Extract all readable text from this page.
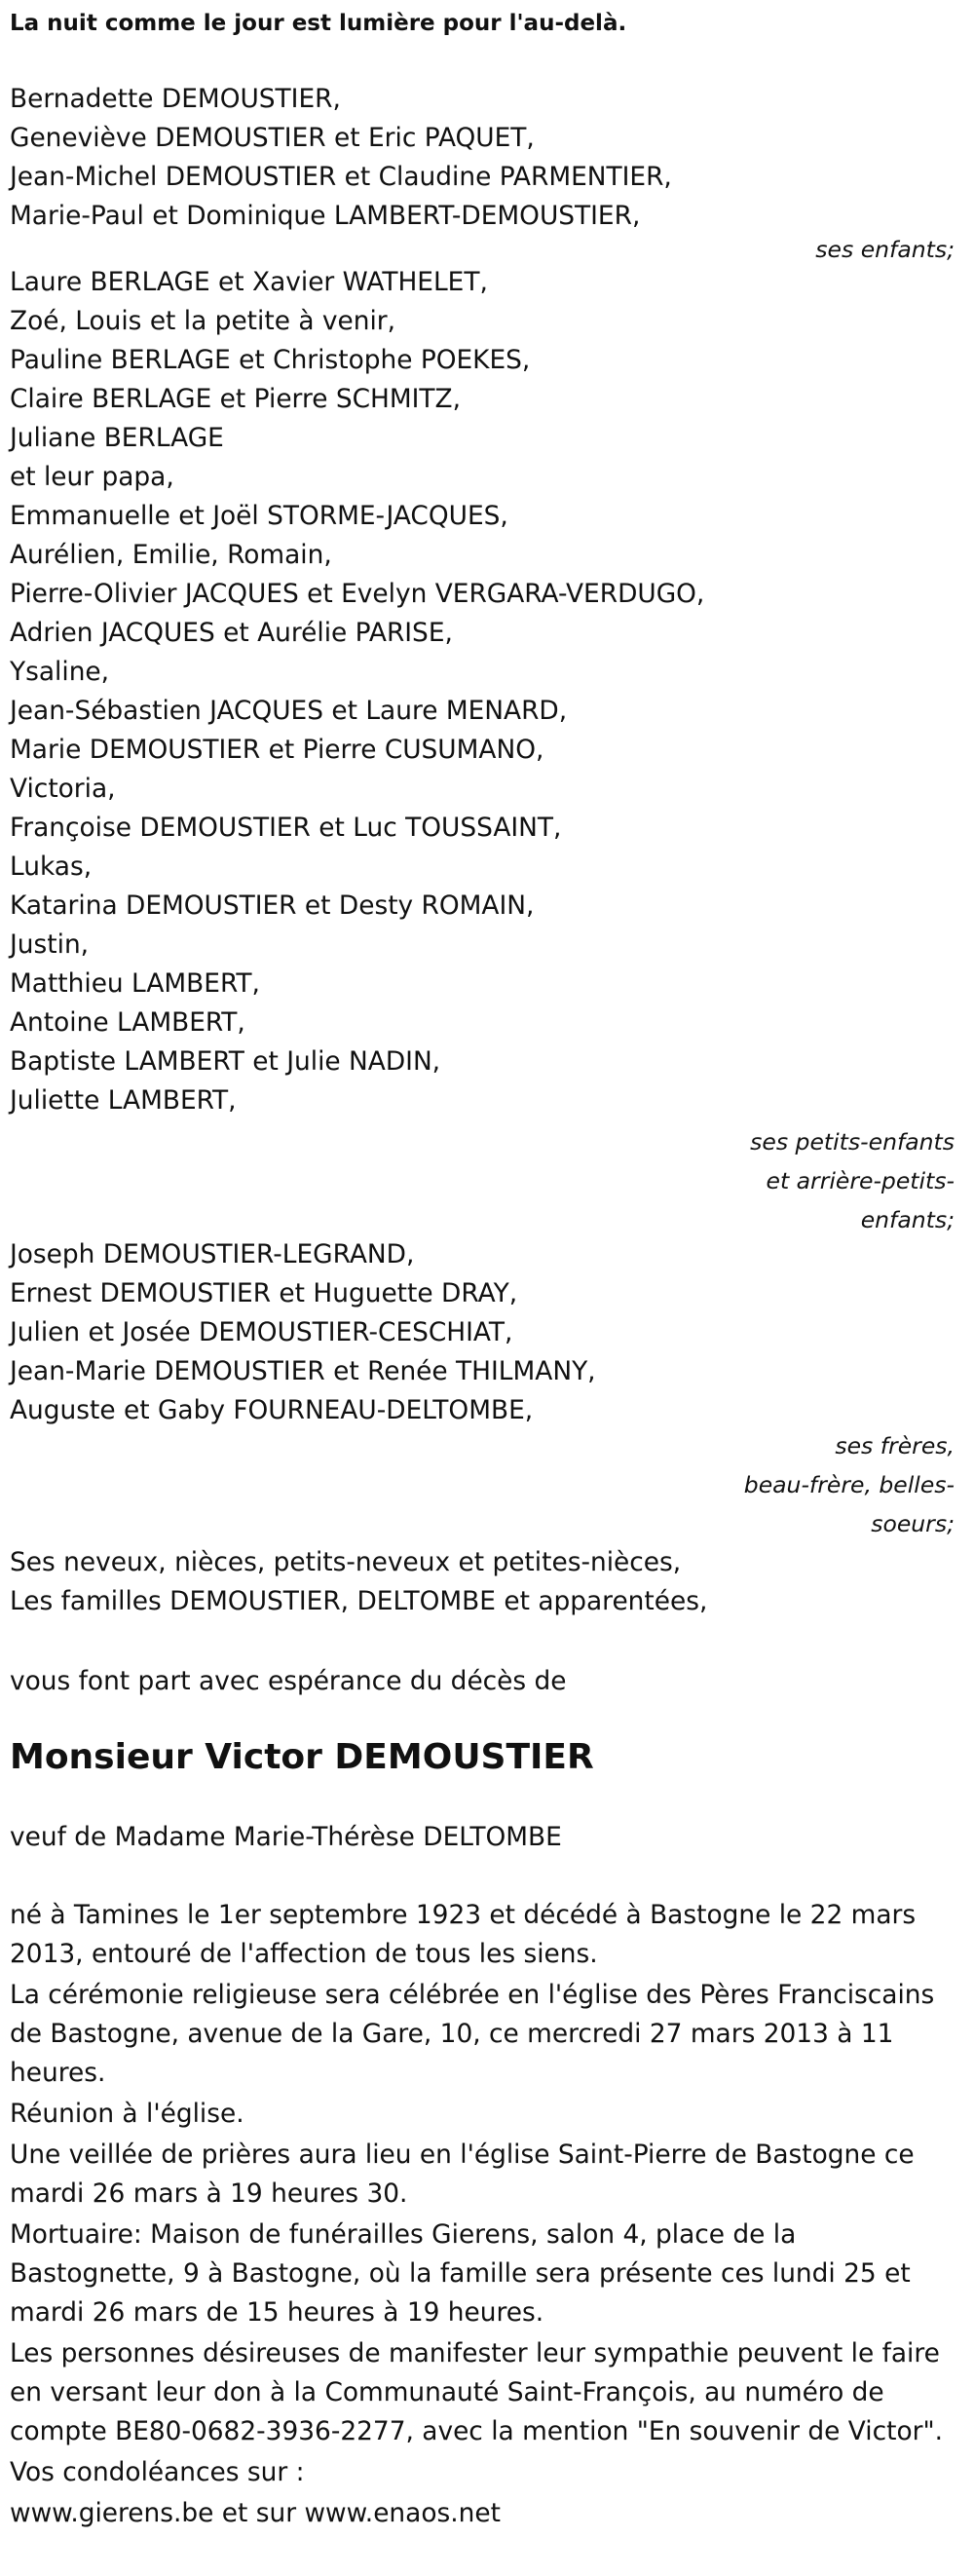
La nuit comme le jour est lumière pour l'au-delà.
Bernadette DEMOUSTIER,
Geneviève DEMOUSTIER et Eric PAQUET,
Jean-Michel DEMOUSTIER et Claudine PARMENTIER,
Marie-Paul et Dominique LAMBERT-DEMOUSTIER,
ses enfants;
Laure BERLAGE et Xavier WATHELET,
Zoé, Louis et la petite à venir,
Pauline BERLAGE et Christophe POEKES,
Claire BERLAGE et Pierre SCHMITZ,
Juliane BERLAGE
et leur papa,
Emmanuelle et Joël STORME-JACQUES,
Aurélien, Emilie, Romain,
Pierre-Olivier JACQUES et Evelyn VERGARA-VERDUGO,
Adrien JACQUES et Aurélie PARISE,
Ysaline,
Jean-Sébastien JACQUES et Laure MENARD,
Marie DEMOUSTIER et Pierre CUSUMANO,
Victoria,
Françoise DEMOUSTIER et Luc TOUSSAINT,
Lukas,
Katarina DEMOUSTIER et Desty ROMAIN,
Justin,
Matthieu LAMBERT,
Antoine LAMBERT,
Baptiste LAMBERT et Julie NADIN,
Juliette LAMBERT,
ses petits-enfants
et arrière-petits-
enfants;
Joseph DEMOUSTIER-LEGRAND,
Ernest DEMOUSTIER et Huguette DRAY,
Julien et Josée DEMOUSTIER-CESCHIAT,
Jean-Marie DEMOUSTIER et Renée THILMANY,
Auguste et Gaby FOURNEAU-DELTOMBE,
ses frères,
beau-frère, belles-
soeurs;
Ses neveux, nièces, petits-neveux et petites-nièces,
Les familles DEMOUSTIER, DELTOMBE et apparentées,
vous font part avec espérance du décès de
Monsieur Victor DEMOUSTIER
veuf de Madame Marie-Thérèse DELTOMBE
né à Tamines le 1er septembre 1923 et décédé à Bastogne le 22 mars 2013, entouré de l'affection de tous les siens.
La cérémonie religieuse sera célébrée en l'église des Pères Franciscains de Bastogne, avenue de la Gare, 10, ce mercredi 27 mars 2013 à 11 heures.
Réunion à l'église.
Une veillée de prières aura lieu en l'église Saint-Pierre de Bastogne ce mardi 26 mars à 19 heures 30.
Mortuaire: Maison de funérailles Gierens, salon 4, place de la Bastognette, 9 à Bastogne, où la famille sera présente ces lundi 25 et mardi 26 mars de 15 heures à 19 heures.
Les personnes désireuses de manifester leur sympathie peuvent le faire en versant leur don à la Communauté Saint-François, au numéro de compte BE80-0682-3936-2277, avec la mention "En souvenir de Victor".
Vos condoléances sur :
www.gierens.be et sur www.enaos.net
